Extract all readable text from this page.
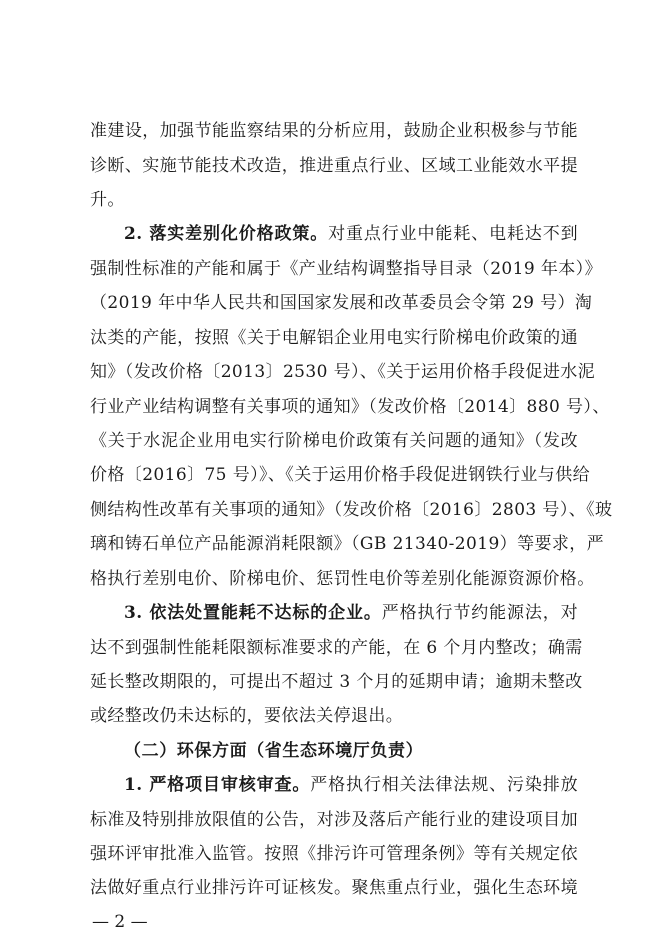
准建设，加强节能监察结果的分析应用，鼓励企业积极参与节能
诊断、实施节能技术改造，推进重点行业、区域工业能效水平提
升。
2. 落实差别化价格政策。对重点行业中能耗、电耗达不到
强制性标准的产能和属于《产业结构调整指导目录（2019 年本）》
（2019 年中华人民共和国国家发展和改革委员会令第 29 号）淘
汰类的产能，按照《关于电解铝企业用电实行阶梯电价政策的通
知》（发改价格〔2013〕2530 号）、《关于运用价格手段促进水泥
行业产业结构调整有关事项的通知》（发改价格〔2014〕880 号）、
《关于水泥企业用电实行阶梯电价政策有关问题的通知》（发改
价格〔2016〕75 号）》、《关于运用价格手段促进钢铁行业与供给
侧结构性改革有关事项的通知》（发改价格〔2016〕2803 号）、《玻
璃和铸石单位产品能源消耗限额》（GB 21340-2019）等要求，严
格执行差别电价、阶梯电价、惩罚性电价等差别化能源资源价格。
3. 依法处置能耗不达标的企业。严格执行节约能源法，对
达不到强制性能耗限额标准要求的产能，在 6 个月内整改；确需
延长整改期限的，可提出不超过 3 个月的延期申请；逾期未整改
或经整改仍未达标的，要依法关停退出。
（二）环保方面（省生态环境厅负责）
1. 严格项目审核审查。严格执行相关法律法规、污染排放
标准及特别排放限值的公告，对涉及落后产能行业的建设项目加
强环评审批准入监管。按照《排污许可管理条例》等有关规定依
法做好重点行业排污许可证核发。聚焦重点行业，强化生态环境
— 2 —
